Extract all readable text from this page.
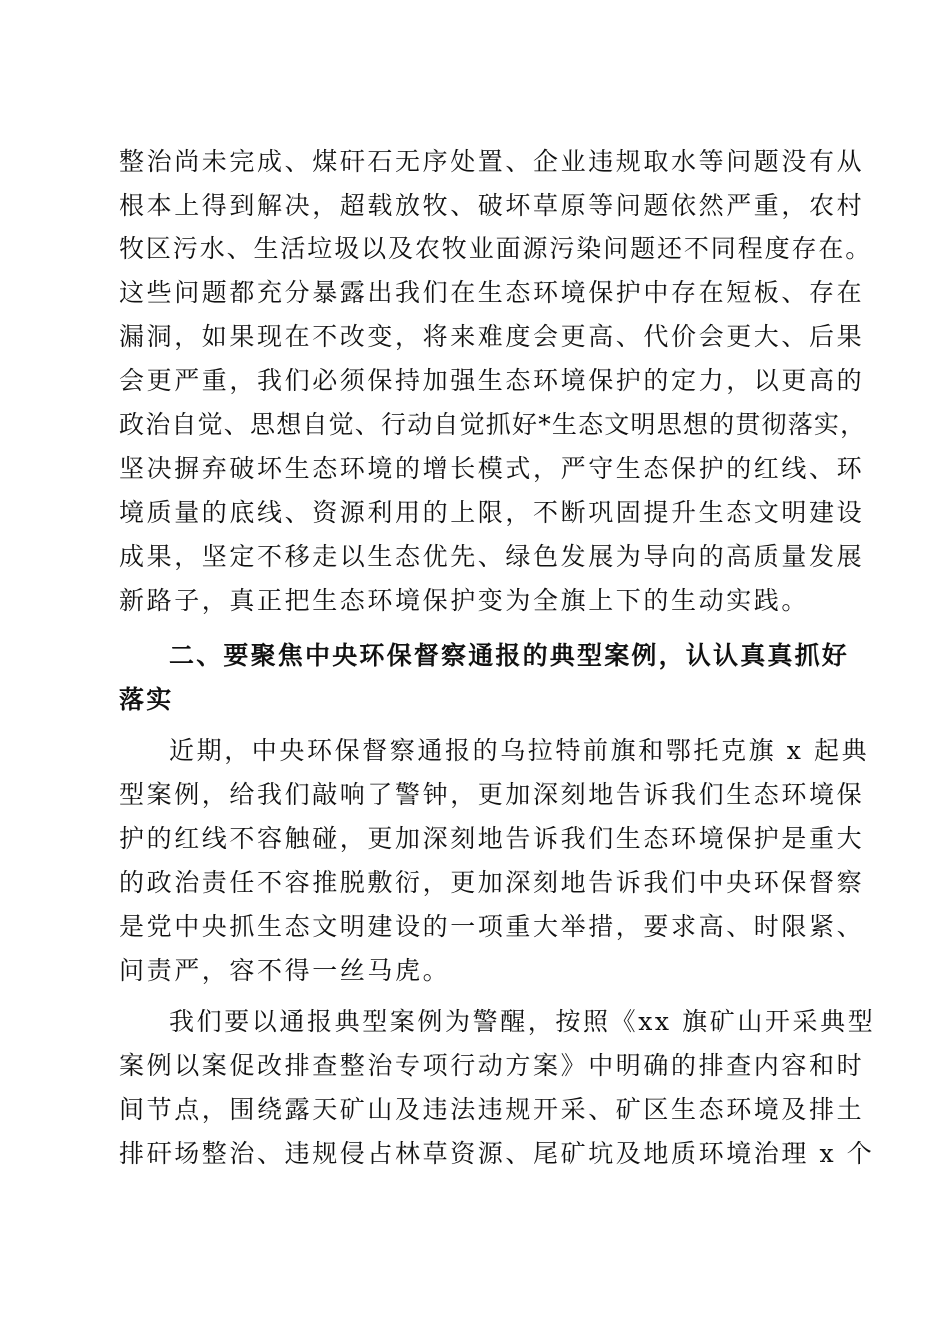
整治尚未完成、煤矸石无序处置、企业违规取水等问题没有从
根本上得到解决，超载放牧、破坏草原等问题依然严重，农村
牧区污水、生活垃圾以及农牧业面源污染问题还不同程度存在。
这些问题都充分暴露出我们在生态环境保护中存在短板、存在
漏洞，如果现在不改变，将来难度会更高、代价会更大、后果
会更严重，我们必须保持加强生态环境保护的定力，以更高的
政治自觉、思想自觉、行动自觉抓好*生态文明思想的贯彻落实，
坚决摒弃破坏生态环境的增长模式，严守生态保护的红线、环
境质量的底线、资源利用的上限，不断巩固提升生态文明建设
成果，坚定不移走以生态优先、绿色发展为导向的高质量发展
新路子，真正把生态环境保护变为全旗上下的生动实践。
二、要聚焦中央环保督察通报的典型案例，认认真真抓好
落实
近期，中央环保督察通报的乌拉特前旗和鄂托克旗 x 起典
型案例，给我们敲响了警钟，更加深刻地告诉我们生态环境保
护的红线不容触碰，更加深刻地告诉我们生态环境保护是重大
的政治责任不容推脱敷衍，更加深刻地告诉我们中央环保督察
是党中央抓生态文明建设的一项重大举措，要求高、时限紧、
问责严，容不得一丝马虎。
我们要以通报典型案例为警醒，按照《xx 旗矿山开采典型
案例以案促改排查整治专项行动方案》中明确的排查内容和时
间节点，围绕露天矿山及违法违规开采、矿区生态环境及排土
排矸场整治、违规侵占林草资源、尾矿坑及地质环境治理 x 个
